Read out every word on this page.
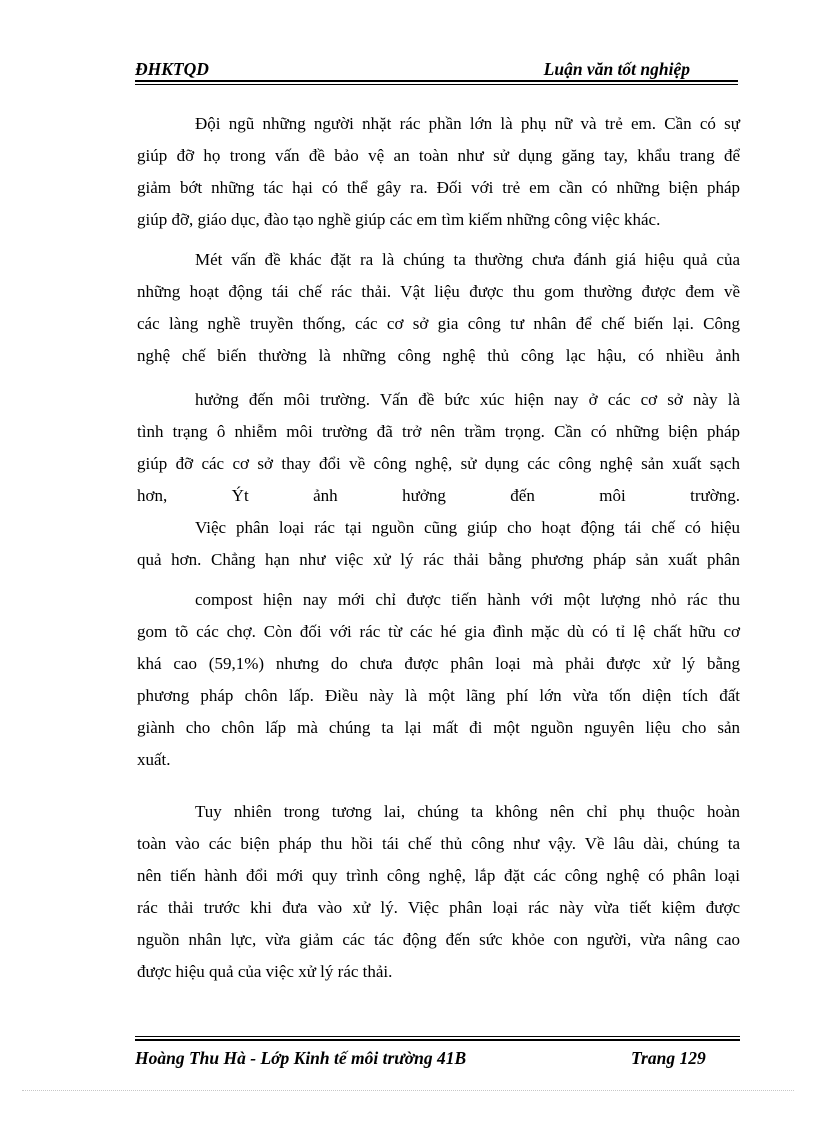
ĐHKTQD	Luận văn tốt nghiệp
Đội ngũ những người nhặt rác phần lớn là phụ nữ và trẻ em. Cần có sự
giúp đỡ họ trong vấn đề bảo vệ an toàn như sử dụng găng tay, khẩu trang để
giảm bớt những tác hại có thể gây ra. Đối với trẻ em cần có những biện pháp
giúp đỡ, giáo dục, đào tạo nghề giúp các em tìm kiếm những công việc khác.
Mét vấn đề khác đặt ra là chúng ta thường chưa đánh giá hiệu quả của
những hoạt động tái chế rác thải. Vật liệu được thu gom thường được đem về
các làng nghề truyền thống, các cơ sở gia công tư nhân để chế biến lại. Công
nghệ chế biến thường là những công nghệ thủ công lạc hậu, có nhiều ảnh
hưởng đến môi trường. Vấn đề bức xúc hiện nay ở các cơ sở này là
tình trạng ô nhiễm môi trường đã trở nên trầm trọng. Cần có những biện pháp
giúp đỡ các cơ sở thay đổi về công nghệ, sử dụng các công nghệ sản xuất sạch
hơn, Ýt ảnh hưởng đến môi trường.
Việc phân loại rác tại nguồn cũng giúp cho hoạt động tái chế có hiệu
quả hơn. Chẳng hạn như việc xử lý rác thải bằng phương pháp sản xuất phân
compost hiện nay mới chỉ được tiến hành với một lượng nhỏ rác thu
gom tõ các chợ. Còn đối với rác từ các hé gia đình mặc dù có tỉ lệ chất hữu cơ
khá cao (59,1%) nhưng do chưa được phân loại mà phải được xử lý bằng
phương pháp chôn lấp. Điều này là một lãng phí lớn vừa tốn diện tích đất
giành cho chôn lấp mà chúng ta lại mất đi một nguồn nguyên liệu cho sản
xuất.
Tuy nhiên trong tương lai, chúng ta không nên chỉ phụ thuộc hoàn
toàn vào các biện pháp thu hồi tái chế thủ công như vậy. Về lâu dài, chúng ta
nên tiến hành đổi mới quy trình công nghệ, lắp đặt các công nghệ có phân loại
rác thải trước khi đưa vào xử lý. Việc phân loại rác này vừa tiết kiệm được
nguồn nhân lực, vừa giảm các tác động đến sức khỏe con người, vừa nâng cao
được hiệu quả của việc xử lý rác thải.
Hoàng Thu Hà - Lớp Kinh tế môi trường 41B	Trang 129
